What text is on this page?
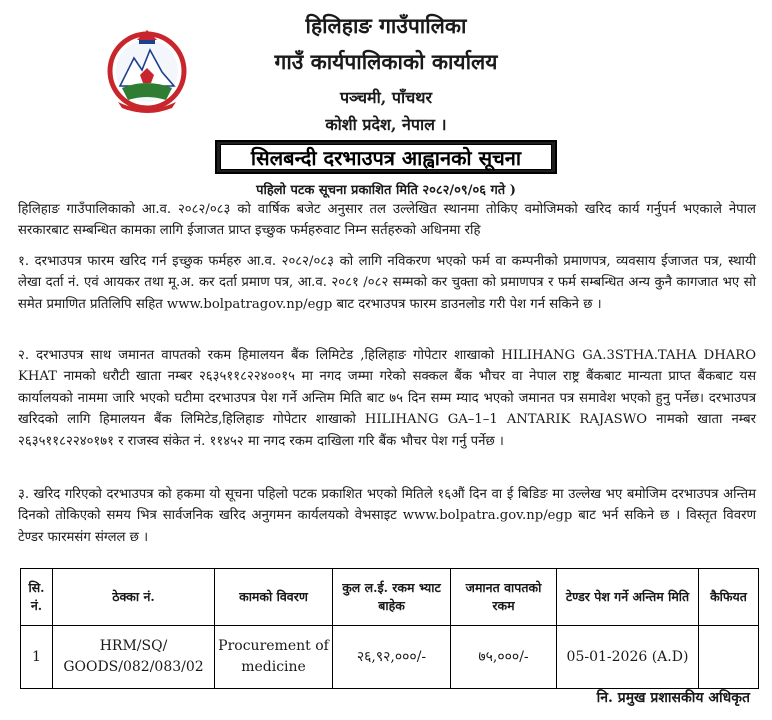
हिलिहाङ गाउँपालिका
गाउँ कार्यपालिकाको कार्यालय
पञ्चमी, पाँचथर
कोशी प्रदेश, नेपाल ।
सिलबन्दी दरभाउपत्र आह्वानको सूचना
पहिलो पटक सूचना प्रकाशित मिति २०८२/०९/०६ गते )

हिलिहाङ गाउँपालिकाको आ.व. २०८२/०८३ को वार्षिक बजेट अनुसार तल उल्लेखित स्थानमा तोकिए वमोजिमको खरिद कार्य गर्नुपर्न भएकाले नेपाल सरकारबाट सम्बन्धित कामका लागि ईजाजत प्राप्त इच्छुक फर्महरुवाट निम्न सर्तहरुको अधिनमा रहि

१. दरभाउपत्र फारम खरिद गर्न इच्छुक फर्महरु आ.व. २०८२/०८३ को लागि नविकरण भएको फर्म वा कम्पनीको प्रमाणपत्र, व्यवसाय ईजाजत पत्र, स्थायी लेखा दर्ता नं. एवं आयकर तथा मू.अ. कर दर्ता प्रमाण पत्र, आ.व. २०८१ /०८२ सम्मको कर चुक्ता को प्रमाणपत्र र फर्म सम्बन्धित अन्य कुनै कागजात भए सो समेत प्रमाणित प्रतिलिपि सहित www.bolpatragov.np/egp बाट दरभाउपत्र फारम डाउनलोड गरी पेश गर्न सकिने छ ।

२. दरभाउपत्र साथ जमानत वापतको रकम हिमालयन बैंक लिमिटेड ,हिलिहाङ गोपेटार शाखाको HILIHANG GA.3STHA.TAHA DHARO KHAT नामको धरौटी खाता नम्बर २६३५११८२२४००१५ मा नगद जम्मा गरेको सक्कल बैंक भौचर वा नेपाल राष्ट्र बैंकबाट मान्यता प्राप्त बैंकबाट यस कार्यालयको नाममा जारि भएको घटीमा दरभाउपत्र पेश गर्ने अन्तिम मिति बाट ७५ दिन सम्म म्याद भएको जमानत पत्र समावेश भएको हुनु पर्नेछ। दरभाउपत्र खरिदको लागि हिमालयन बैंक लिमिटेड,हिलिहाङ गोपेटार शाखाको HILIHANG GA–1–1 ANTARIK RAJASWO नामको खाता नम्बर २६३५११८२२४०१७१ र राजस्व संकेत नं. ११४५२ मा नगद रकम दाखिला गरि बैंक भौचर पेश गर्नु पर्नेछ ।

३. खरिद गरिएको दरभाउपत्र को हकमा यो सूचना पहिलो पटक प्रकाशित भएको मितिले १६औं दिन वा ई बिडिङ मा उल्लेख भए बमोजिम दरभाउपत्र अन्तिम दिनको तोकिएको समय भित्र सार्वजनिक खरिद अनुगमन कार्यलयको वेभसाइट www.bolpatra.gov.np/egp बाट भर्न सकिने छ । विस्तृत विवरण टेण्डर फारमसंग संग्लल छ ।

सि. नं.	ठेक्का नं.	कामको विवरण	कुल ल.ई. रकम भ्याट बाहेक	जमानत वापतको रकम	टेण्डर पेश गर्ने अन्तिम मिति	कैफियत
1	HRM/SQ/ GOODS/082/083/02	Procurement of medicine	२६,९२,०००/-	७५,०००/-	05-01-2026 (A.D)	
नि. प्रमुख प्रशासकीय अधिकृत
